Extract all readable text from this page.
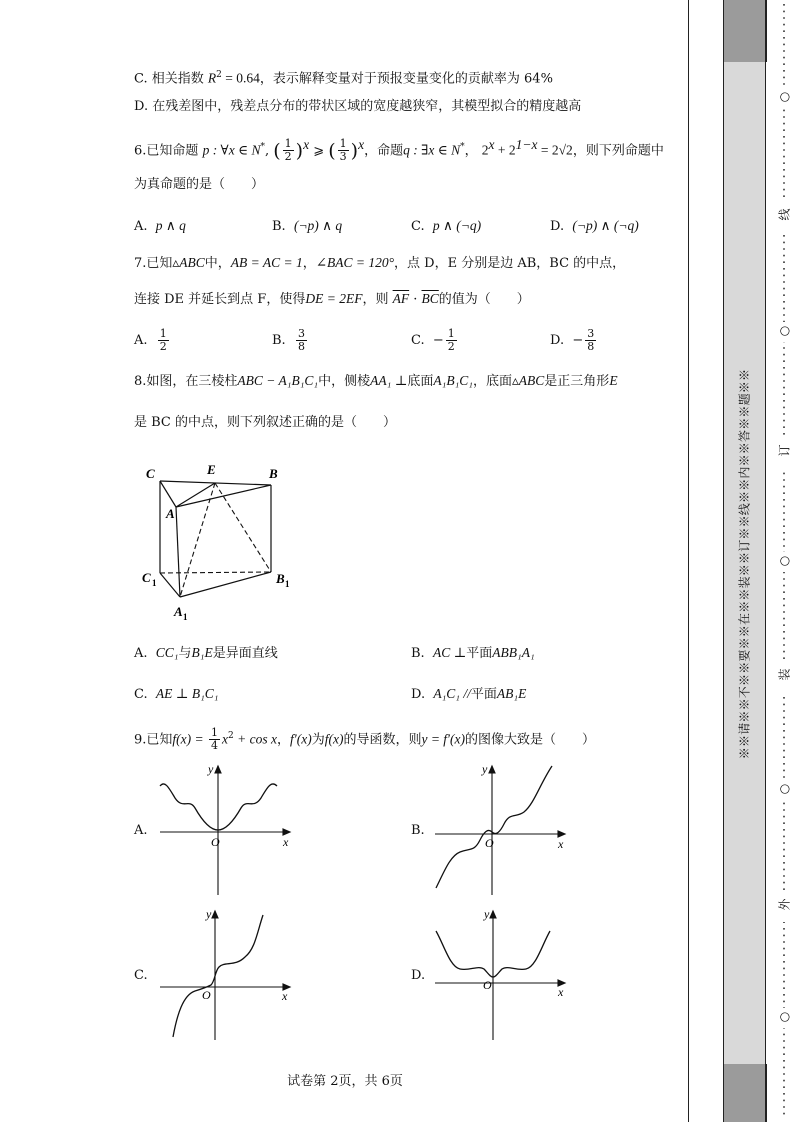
C. 相关指数 $R^2 = 0.64$，表示解释变量对于预报变量变化的贡献率为 64%
D. 在残差图中，残差点分布的带状区域的宽度越狭窄，其模型拟合的精度越高
6.已知命题 p : ∀x ∈ N*, ( $\frac{1}{2} )^x$ ⩾ ( $\frac{1}{3} )^x$，命题q : ∃x ∈ N*， $2^x + 2^{1-x} = 2√2$，则下列命题中
为真命题的是（　　）
A. p ∧ q	B. (¬p) ∧ q	C. p ∧ (¬q)	D. (¬p) ∧ (¬q)
7.已知▵ABC中，AB = AC = 1，∠BAC = 120°，点 D，E 分别是边 AB，BC 的中点，
连接 DE 并延长到点 F，使得DE = 2EF，则 $\overline{AF} \cdot \overline{BC}$的值为（　　）
A. $\frac{1}{2}$	B. $\frac{3}{8}$	C. − $\frac{1}{2}$	D. − $\frac{3}{8}$
8.如图，在三棱柱ABC − A₁B₁C₁中，侧棱AA₁ ⊥底面A₁B₁C₁，底面▵ABC是正三角形E
是 BC 的中点，则下列叙述正确的是（　　）
C	E	B
A
C 1	B 1
A 1
A. CC₁与B₁E是异面直线	B. AC ⊥平面ABB₁A₁
C. AE ⊥ B₁C₁	D. A₁C₁ //平面AB₁E
9.已知$f(x) = \frac{1}{4} x^2 + \cos x$，f′(x)为f(x)的导函数，则y = f′(x)的图像大致是（　　）
A.	B.
C.	D.
O	x
y
O	x
y
O	x
y
O	x
y
试卷第 2页，共 6页
※※请※※不※※要※※在※※装※※订※※线※※内※※答※※题※※
○
线
○
订
○
装
○
外
○
